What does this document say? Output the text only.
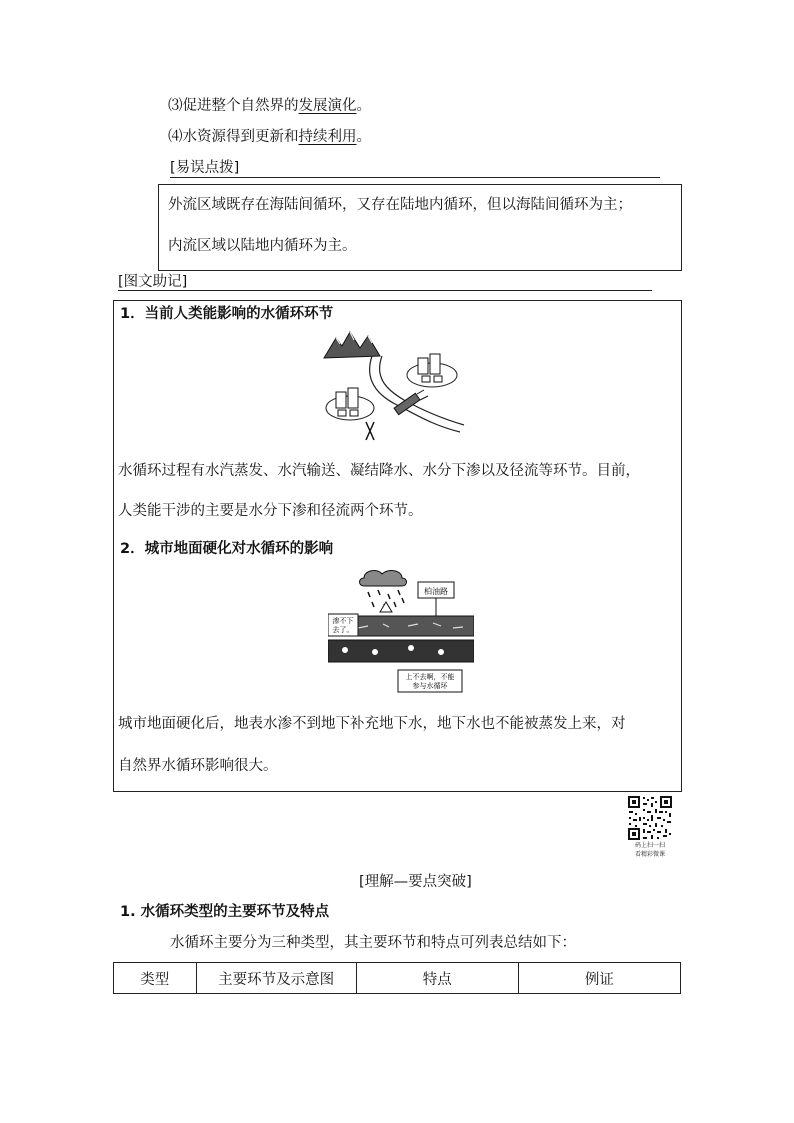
⑶促进整个自然界的发展演化。
⑷水资源得到更新和持续利用。
[易误点拨]
外流区域既存在海陆间循环，又存在陆地内循环，但以海陆间循环为主；
内流区域以陆地内循环为主。
[图文助记]
1．当前人类能影响的水循环环节
水循环过程有水汽蒸发、水汽输送、凝结降水、水分下渗以及径流等环节。目前，
人类能干涉的主要是水分下渗和径流两个环节。
2．城市地面硬化对水循环的影响
柏油路
渗不下
去了。
上不去啊，不能
参与水循环
城市地面硬化后，地表水渗不到地下补充地下水，地下水也不能被蒸发上来，对
自然界水循环影响很大。
码上扫一扫
看精彩微课
[理解—要点突破]
1. 水循环类型的主要环节及特点
水循环主要分为三种类型，其主要环节和特点可列表总结如下：
类型	主要环节及示意图	特点	例证
